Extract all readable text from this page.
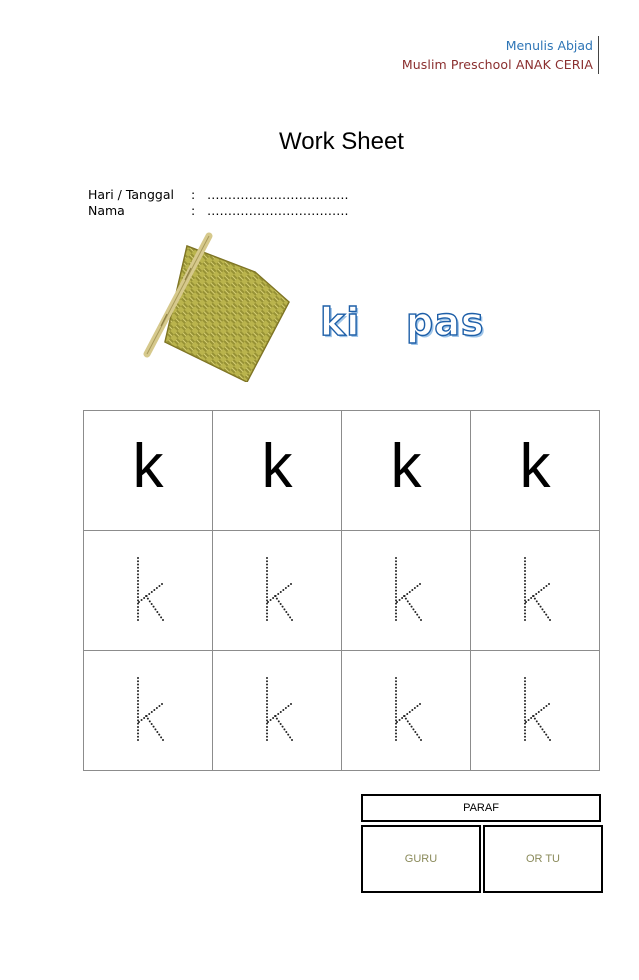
Menulis Abjad
Muslim Preschool ANAK CERIA
Work Sheet
Hari / Tanggal	: …………………………….
Nama	: …………………………….
ki pas
k	k	k	k

PARAF
GURU	OR TU
